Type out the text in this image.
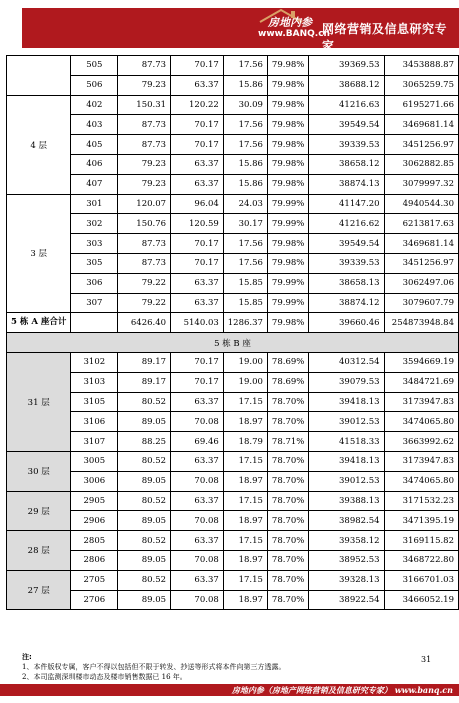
房地内参
www.BANQ.cn
网络营销及信息研究专家
	505	87.73	70.17	17.56	79.98%	39369.53	3453888.87
	506	79.23	63.37	15.86	79.98%	38688.12	3065259.75
4 层	402	150.31	120.22	30.09	79.98%	41216.63	6195271.66
	403	87.73	70.17	17.56	79.98%	39549.54	3469681.14
	405	87.73	70.17	17.56	79.98%	39339.53	3451256.97
	406	79.23	63.37	15.86	79.98%	38658.12	3062882.85
	407	79.23	63.37	15.86	79.98%	38874.13	3079997.32
3 层	301	120.07	96.04	24.03	79.99%	41147.20	4940544.30
	302	150.76	120.59	30.17	79.99%	41216.62	6213817.63
	303	87.73	70.17	17.56	79.98%	39549.54	3469681.14
	305	87.73	70.17	17.56	79.98%	39339.53	3451256.97
	306	79.22	63.37	15.85	79.99%	38658.13	3062497.06
	307	79.22	63.37	15.85	79.99%	38874.12	3079607.79
5 栋 A 座合计		6426.40	5140.03	1286.37	79.98%	39660.46	254873948.84
5 栋 B 座							
31 层	3102	89.17	70.17	19.00	78.69%	40312.54	3594669.19
	3103	89.17	70.17	19.00	78.69%	39079.53	3484721.69
	3105	80.52	63.37	17.15	78.70%	39418.13	3173947.83
	3106	89.05	70.08	18.97	78.70%	39012.53	3474065.80
	3107	88.25	69.46	18.79	78.71%	41518.33	3663992.62
30 层	3005	80.52	63.37	17.15	78.70%	39418.13	3173947.83
	3006	89.05	70.08	18.97	78.70%	39012.53	3474065.80
29 层	2905	80.52	63.37	17.15	78.70%	39388.13	3171532.23
	2906	89.05	70.08	18.97	78.70%	38982.54	3471395.19
28 层	2805	80.52	63.37	17.15	78.70%	39358.12	3169115.82
	2806	89.05	70.08	18.97	78.70%	38952.53	3468722.80
27 层	2705	80.52	63.37	17.15	78.70%	39328.13	3166701.03
	2706	89.05	70.08	18.97	78.70%	38922.54	3466052.19
注:
1、本件版权专属，客户不得以包括但不限于转发、抄送等形式将本件向第三方透露。
2、本司监测深圳楼市动态及楼市销售数据已 16 年。
31
房地内参（房地产网络营销及信息研究专家） www.banq.cn
